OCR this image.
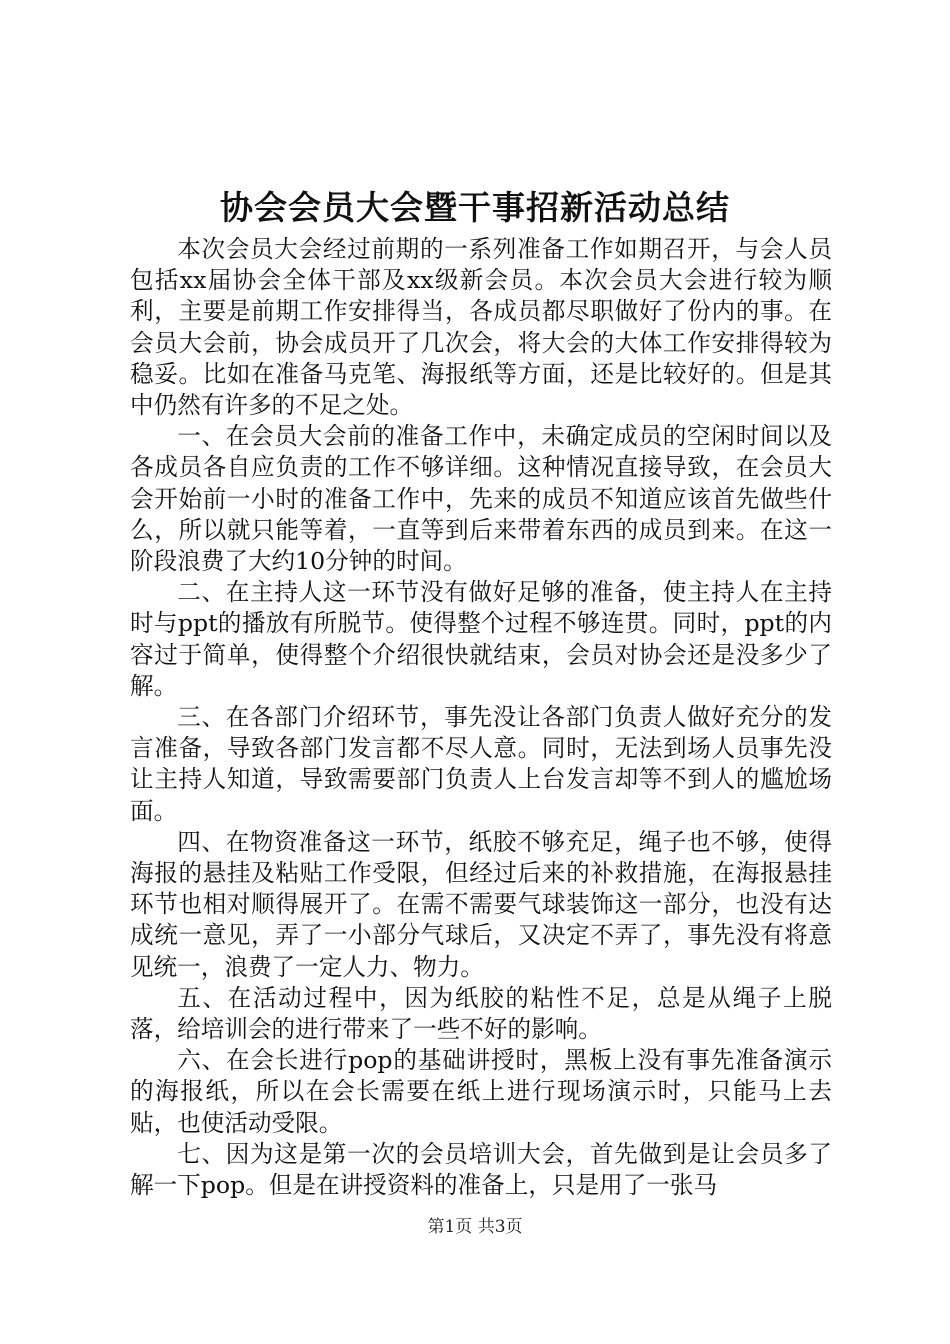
协会会员大会暨干事招新活动总结

本次会员大会经过前期的一系列准备工作如期召开，与会人员包括xx届协会全体干部及xx级新会员。本次会员大会进行较为顺利，主要是前期工作安排得当，各成员都尽职做好了份内的事。在会员大会前，协会成员开了几次会，将大会的大体工作安排得较为稳妥。比如在准备马克笔、海报纸等方面，还是比较好的。但是其中仍然有许多的不足之处。

一、在会员大会前的准备工作中，未确定成员的空闲时间以及各成员各自应负责的工作不够详细。这种情况直接导致，在会员大会开始前一小时的准备工作中，先来的成员不知道应该首先做些什么，所以就只能等着，一直等到后来带着东西的成员到来。在这一阶段浪费了大约10分钟的时间。

二、在主持人这一环节没有做好足够的准备，使主持人在主持时与ppt的播放有所脱节。使得整个过程不够连贯。同时，ppt的内容过于简单，使得整个介绍很快就结束，会员对协会还是没多少了解。

三、在各部门介绍环节，事先没让各部门负责人做好充分的发言准备，导致各部门发言都不尽人意。同时，无法到场人员事先没让主持人知道，导致需要部门负责人上台发言却等不到人的尴尬场面。

四、在物资准备这一环节，纸胶不够充足，绳子也不够，使得海报的悬挂及粘贴工作受限，但经过后来的补救措施，在海报悬挂环节也相对顺得展开了。在需不需要气球装饰这一部分，也没有达成统一意见，弄了一小部分气球后，又决定不弄了，事先没有将意见统一，浪费了一定人力、物力。

五、在活动过程中，因为纸胶的粘性不足，总是从绳子上脱落，给培训会的进行带来了一些不好的影响。

六、在会长进行pop的基础讲授时，黑板上没有事先准备演示的海报纸，所以在会长需要在纸上进行现场演示时，只能马上去贴，也使活动受限。

七、因为这是第一次的会员培训大会，首先做到是让会员多了解一下pop。但是在讲授资料的准备上，只是用了一张马

第1页 共3页
